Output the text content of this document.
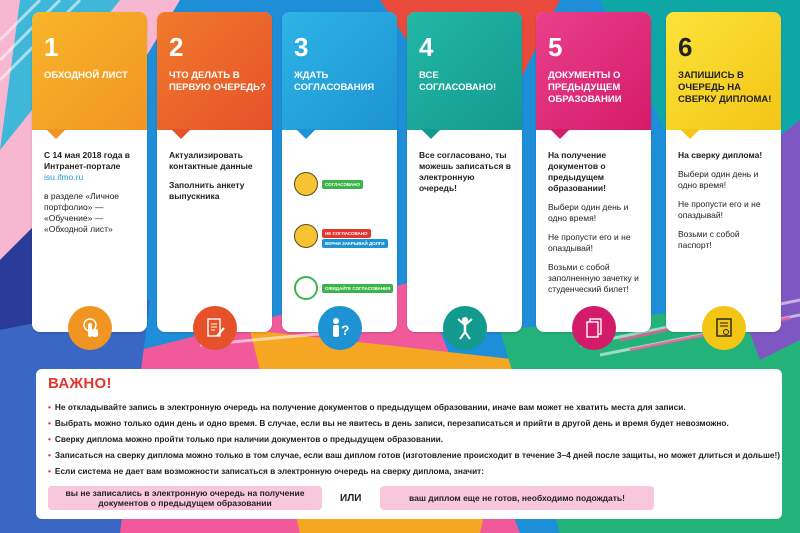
1
ОБХОДНОЙ ЛИСТ

С 14 мая 2018 года в Интранет-портале
isu.ifmo.ru

в разделе «Личное портфолио» — «Обучение» — «Обходной лист»

2
ЧТО ДЕЛАТЬ В ПЕРВУЮ ОЧЕРЕДЬ?

Актуализировать контактные данные

Заполнить анкету выпускника

3
ЖДАТЬ СОГЛАСОВАНИЯ
СОГЛАСОВАНО
НЕ СОГЛАСОВАНО
ВЕРНИ ЗАКРЫВАЙ ДОЛГИ
ОЖИДАЙТЕ СОГЛАСОВАНИЯ
?
4
ВСЕ СОГЛАСОВАНО!

Все согласовано, ты можешь записаться в электронную очередь!

5
ДОКУМЕНТЫ О ПРЕДЫДУЩЕМ ОБРАЗОВАНИИ

На получение документов о предыдущем образовании!

Выбери один день и одно время!

Не пропусти его и не опаздывай!

Возьми с собой заполненную зачетку и студенческий билет!

6
ЗАПИШИСЬ В ОЧЕРЕДЬ НА СВЕРКУ ДИПЛОМА!

На сверку диплома!

Выбери один день и одно время!

Не пропусти его и не опаздывай!

Возьми с собой паспорт!

ВАЖНО!
• Не откладывайте запись в электронную очередь на получение документов о предыдущем образовании, иначе вам может не хватить места для записи.
• Выбрать можно только один день и одно время. В случае, если вы не явитесь в день записи, перезаписаться и прийти в другой день и время будет невозможно.
• Сверку диплома можно пройти только при наличии документов о предыдущем образовании.
• Записаться на сверку диплома можно только в том случае, если ваш диплом готов (изготовление происходит в течение 3–4 дней после защиты, но может длиться и дольше!)
• Если система не дает вам возможности записаться в электронную очередь на сверку диплома, значит:
вы не записались в электронную очередь на получение документов о предыдущем образовании	ИЛИ	ваш диплом еще не готов, необходимо подождать!
